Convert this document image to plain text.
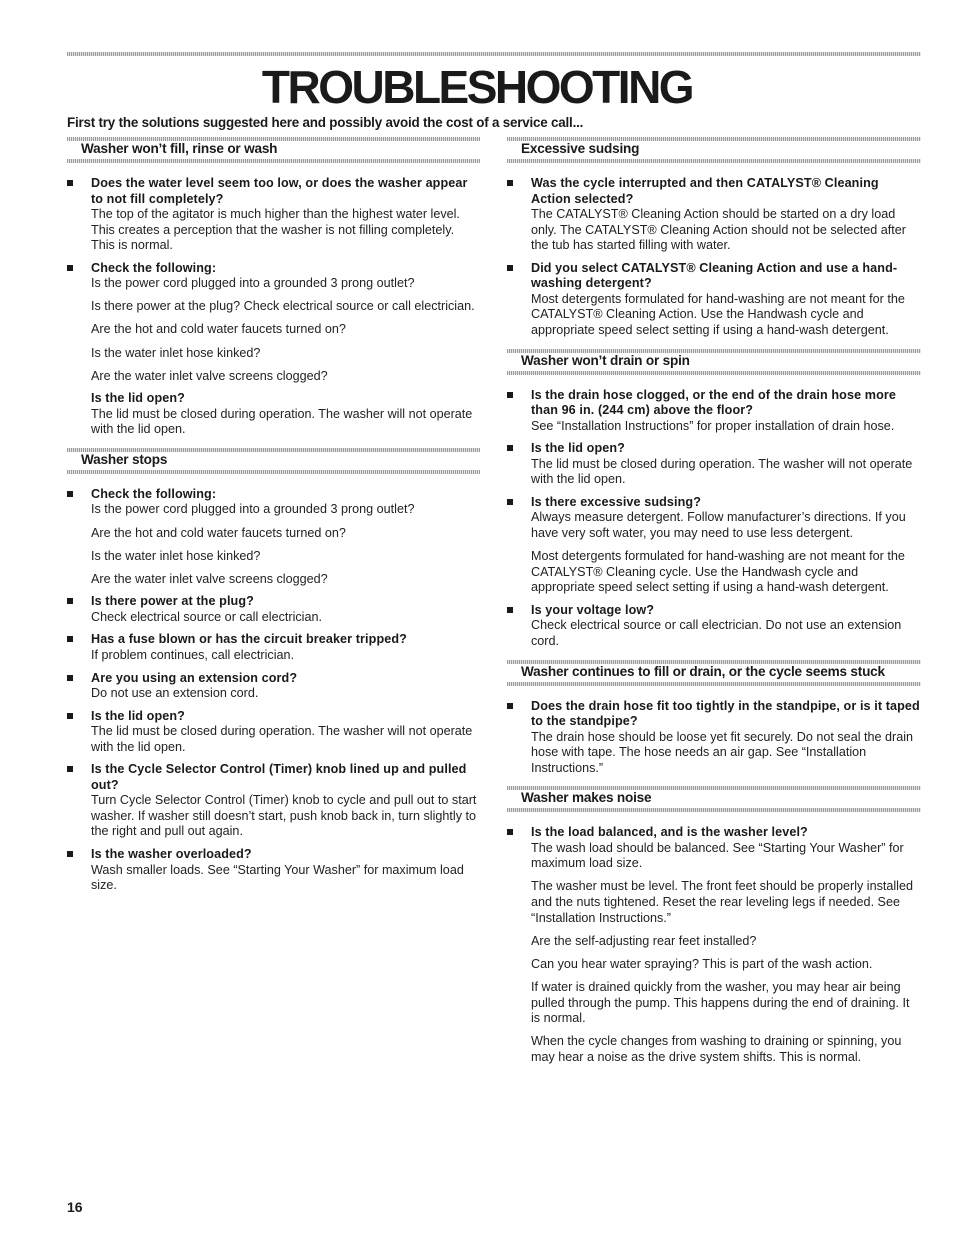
TROUBLESHOOTING
First try the solutions suggested here and possibly avoid the cost of a service call...
Washer won’t fill, rinse or wash
Does the water level seem too low, or does the washer appear to not fill completely?
The top of the agitator is much higher than the highest water level. This creates a perception that the washer is not filling completely. This is normal.
Check the following:
Is the power cord plugged into a grounded 3 prong outlet?
Is there power at the plug? Check electrical source or call electrician.
Are the hot and cold water faucets turned on?
Is the water inlet hose kinked?
Are the water inlet valve screens clogged?
Is the lid open?
The lid must be closed during operation. The washer will not operate with the lid open.
Washer stops
Check the following:
Is the power cord plugged into a grounded 3 prong outlet?
Are the hot and cold water faucets turned on?
Is the water inlet hose kinked?
Are the water inlet valve screens clogged?
Is there power at the plug?
Check electrical source or call electrician.
Has a fuse blown or has the circuit breaker tripped?
If problem continues, call electrician.
Are you using an extension cord?
Do not use an extension cord.
Is the lid open?
The lid must be closed during operation. The washer will not operate with the lid open.
Is the Cycle Selector Control (Timer) knob lined up and pulled out?
Turn Cycle Selector Control (Timer) knob to cycle and pull out to start washer. If washer still doesn’t start, push knob back in, turn slightly to the right and pull out again.
Is the washer overloaded?
Wash smaller loads. See “Starting Your Washer” for maximum load size.
Excessive sudsing
Was the cycle interrupted and then CATALYST® Cleaning Action selected?
The CATALYST® Cleaning Action should be started on a dry load only. The CATALYST® Cleaning Action should not be selected after the tub has started filling with water.
Did you select CATALYST® Cleaning Action and use a hand-washing detergent?
Most detergents formulated for hand-washing are not meant for the CATALYST® Cleaning Action. Use the Handwash cycle and appropriate speed select setting if using a hand-wash detergent.
Washer won’t drain or spin
Is the drain hose clogged, or the end of the drain hose more than 96 in. (244 cm) above the floor?
See “Installation Instructions” for proper installation of drain hose.
Is the lid open?
The lid must be closed during operation. The washer will not operate with the lid open.
Is there excessive sudsing?
Always measure detergent. Follow manufacturer’s directions. If you have very soft water, you may need to use less detergent.
Most detergents formulated for hand-washing are not meant for the CATALYST® Cleaning cycle. Use the Handwash cycle and appropriate speed select setting if using a hand-wash detergent.
Is your voltage low?
Check electrical source or call electrician. Do not use an extension cord.
Washer continues to fill or drain, or the cycle seems stuck
Does the drain hose fit too tightly in the standpipe, or is it taped to the standpipe?
The drain hose should be loose yet fit securely. Do not seal the drain hose with tape. The hose needs an air gap. See “Installation Instructions.”
Washer makes noise
Is the load balanced, and is the washer level?
The wash load should be balanced. See “Starting Your Washer” for maximum load size.
The washer must be level. The front feet should be properly installed and the nuts tightened. Reset the rear leveling legs if needed. See “Installation Instructions.”
Are the self-adjusting rear feet installed?
Can you hear water spraying? This is part of the wash action.
If water is drained quickly from the washer, you may hear air being pulled through the pump. This happens during the end of draining. It is normal.
When the cycle changes from washing to draining or spinning, you may hear a noise as the drive system shifts. This is normal.
16
